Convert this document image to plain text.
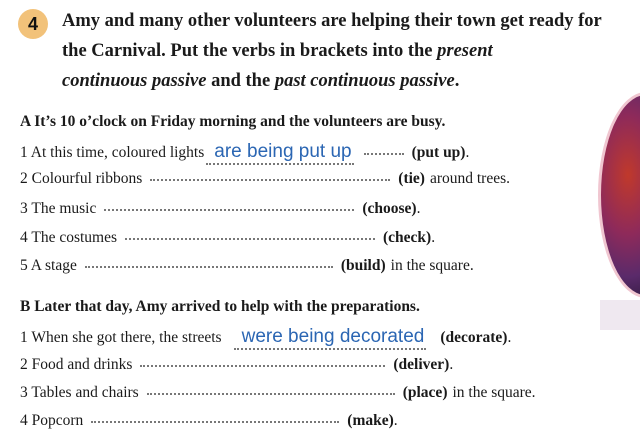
4 Amy and many other volunteers are helping their town get ready for
the Carnival. Put the verbs in brackets into the present
continuous passive and the past continuous passive.

A It’s 10 o’clock on Friday morning and the volunteers are busy.

1 At this time, coloured lights are being put up	(put up) .
2 Colourful ribbons	(tie) around trees.
3 The music	(choose) .
4 The costumes	(check) .
5 A stage	(build) in the square.

B Later that day, Amy arrived to help with the preparations.

1 When she got there, the streets	were being decorated (decorate) .
2 Food and drinks	(deliver) .
3 Tables and chairs	(place) in the square.
4 Popcorn	(make) .
